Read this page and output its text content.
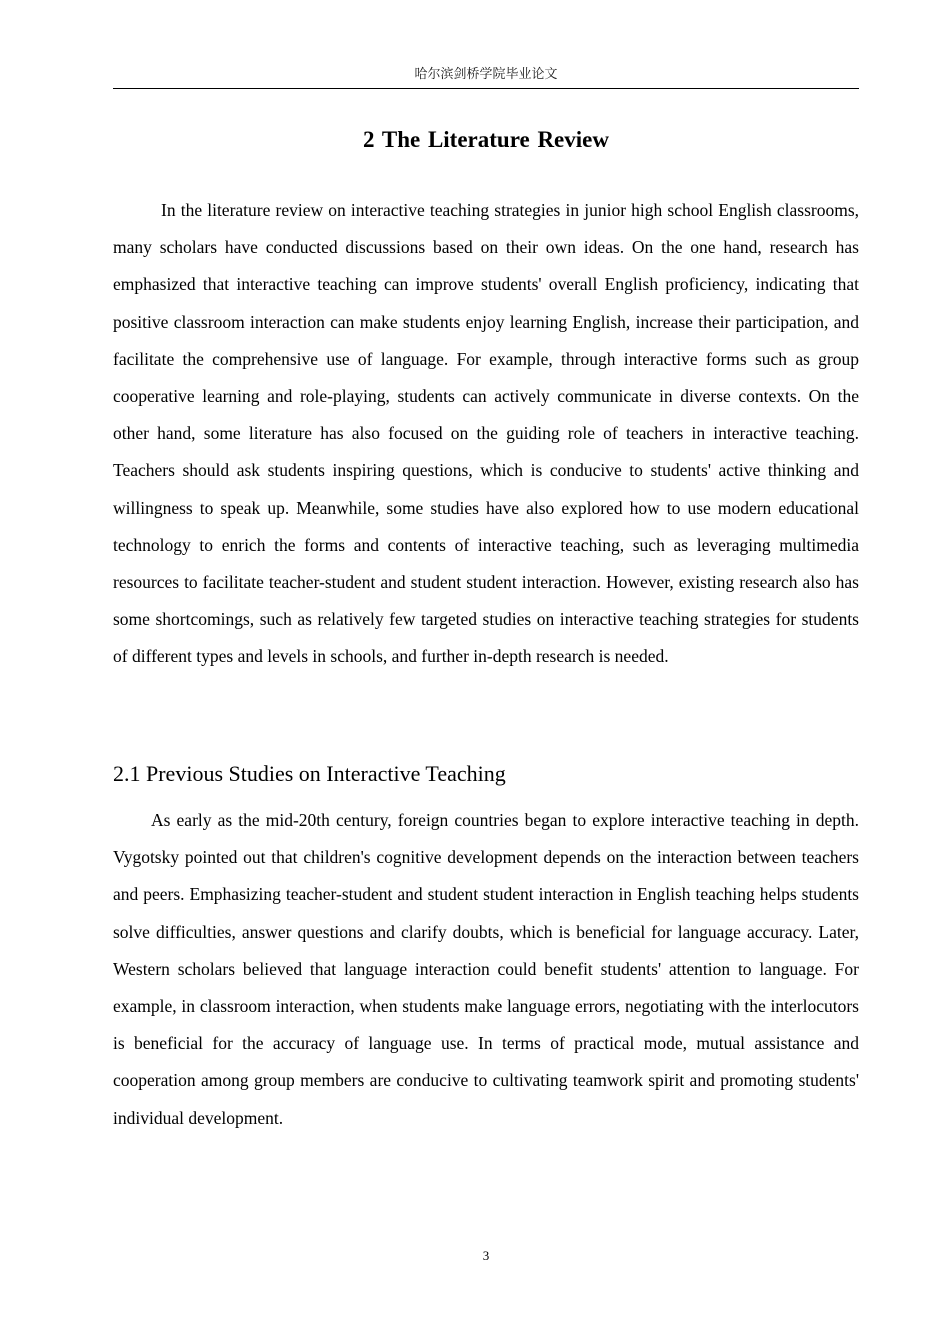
哈尔滨剑桥学院毕业论文
2 The Literature Review

In the literature review on interactive teaching strategies in junior high school English classrooms, many scholars have conducted discussions based on their own ideas. On the one hand, research has emphasized that interactive teaching can improve students' overall English proficiency, indicating that positive classroom interaction can make students enjoy learning English, increase their participation, and facilitate the comprehensive use of language. For example, through interactive forms such as group cooperative learning and role-playing, students can actively communicate in diverse contexts. On the other hand, some literature has also focused on the guiding role of teachers in interactive teaching. Teachers should ask students inspiring questions, which is conducive to students' active thinking and willingness to speak up. Meanwhile, some studies have also explored how to use modern educational technology to enrich the forms and contents of interactive teaching, such as leveraging multimedia resources to facilitate teacher-student and student student interaction. However, existing research also has some shortcomings, such as relatively few targeted studies on interactive teaching strategies for students of different types and levels in schools, and further in-depth research is needed.

2.1 Previous Studies on Interactive Teaching

As early as the mid-20th century, foreign countries began to explore interactive teaching in depth. Vygotsky pointed out that children's cognitive development depends on the interaction between teachers and peers. Emphasizing teacher-student and student student interaction in English teaching helps students solve difficulties, answer questions and clarify doubts, which is beneficial for language accuracy. Later, Western scholars believed that language interaction could benefit students' attention to language. For example, in classroom interaction, when students make language errors, negotiating with the interlocutors is beneficial for the accuracy of language use. In terms of practical mode, mutual assistance and cooperation among group members are conducive to cultivating teamwork spirit and promoting students' individual development.

3
